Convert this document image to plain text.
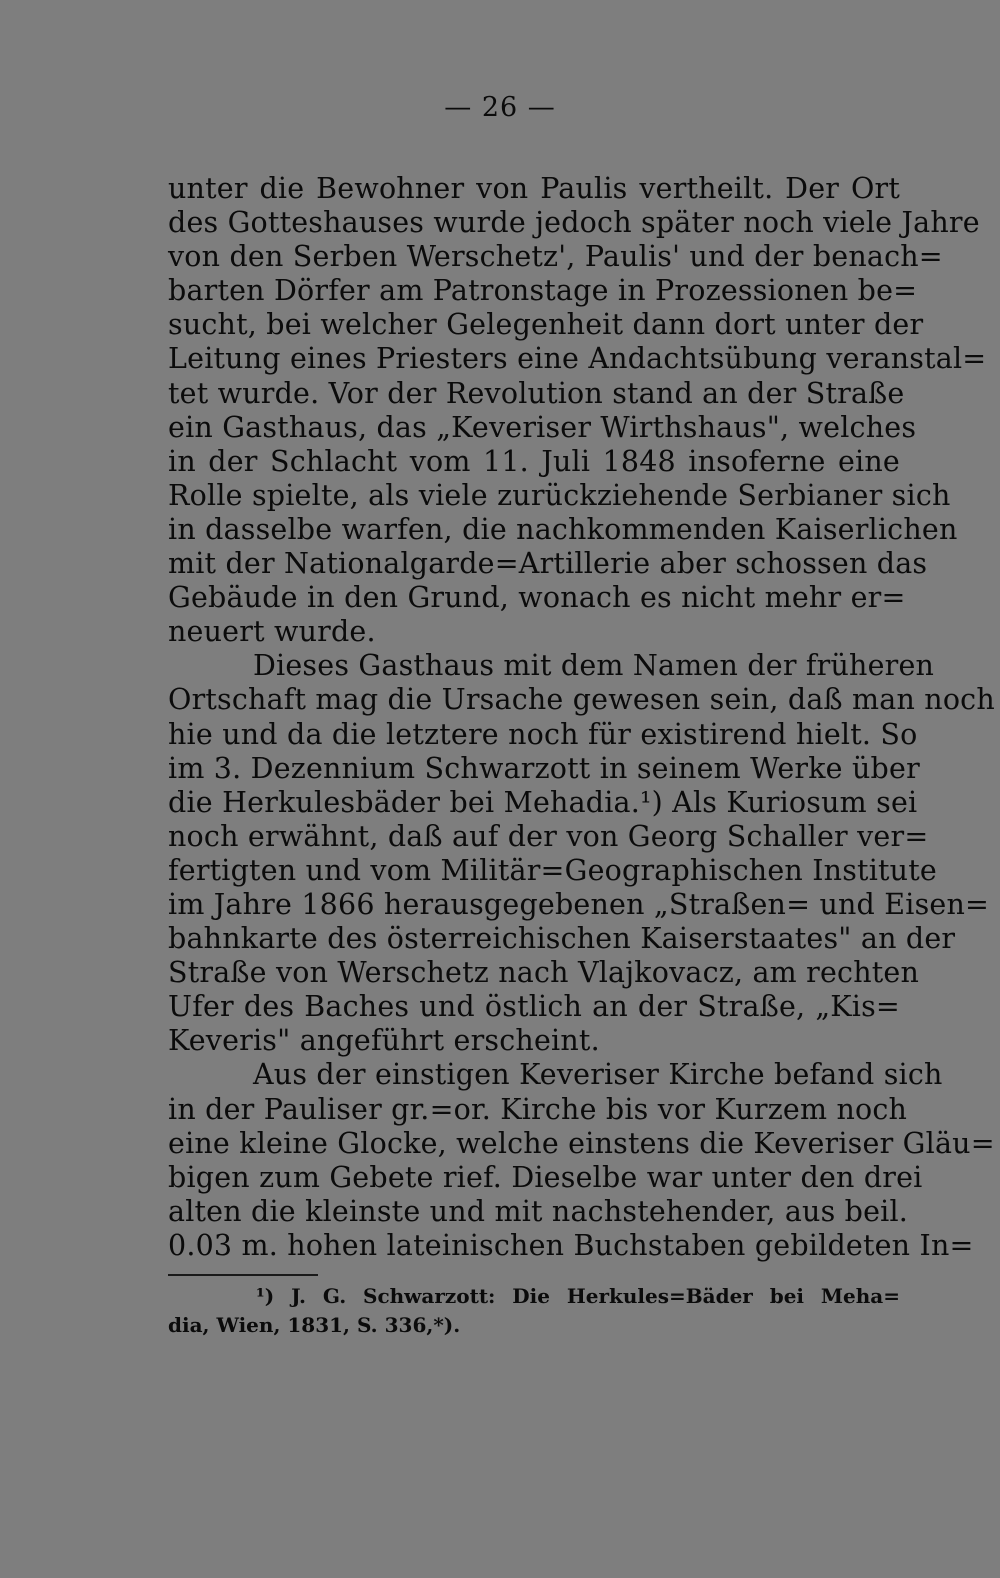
— 26 —
unter die Bewohner von Paulis vertheilt. Der Ort
des Gotteshauses wurde jedoch später noch viele Jahre
von den Serben Werschetz', Paulis' und der benach=
barten Dörfer am Patronstage in Prozessionen be=
sucht, bei welcher Gelegenheit dann dort unter der
Leitung eines Priesters eine Andachtsübung veranstal=
tet wurde. Vor der Revolution stand an der Straße
ein Gasthaus, das „Keveriser Wirthshaus", welches
in der Schlacht vom 11. Juli 1848 insoferne eine
Rolle spielte, als viele zurückziehende Serbianer sich
in dasselbe warfen, die nachkommenden Kaiserlichen
mit der Nationalgarde=Artillerie aber schossen das
Gebäude in den Grund, wonach es nicht mehr er=
neuert wurde.
Dieses Gasthaus mit dem Namen der früheren
Ortschaft mag die Ursache gewesen sein, daß man noch
hie und da die letztere noch für existirend hielt. So
im 3. Dezennium Schwarzott in seinem Werke über
die Herkulesbäder bei Mehadia.¹) Als Kuriosum sei
noch erwähnt, daß auf der von Georg Schaller ver=
fertigten und vom Militär=Geographischen Institute
im Jahre 1866 herausgegebenen „Straßen= und Eisen=
bahnkarte des österreichischen Kaiserstaates" an der
Straße von Werschetz nach Vlajkovacz, am rechten
Ufer des Baches und östlich an der Straße, „Kis=
Keveris" angeführt erscheint.
Aus der einstigen Keveriser Kirche befand sich
in der Pauliser gr.=or. Kirche bis vor Kurzem noch
eine kleine Glocke, welche einstens die Keveriser Gläu=
bigen zum Gebete rief. Dieselbe war unter den drei
alten die kleinste und mit nachstehender, aus beil.
0.03 m. hohen lateinischen Buchstaben gebildeten In=
¹) J. G. Schwarzott: Die Herkules=Bäder bei Meha=
dia, Wien, 1831, S. 336,*).
